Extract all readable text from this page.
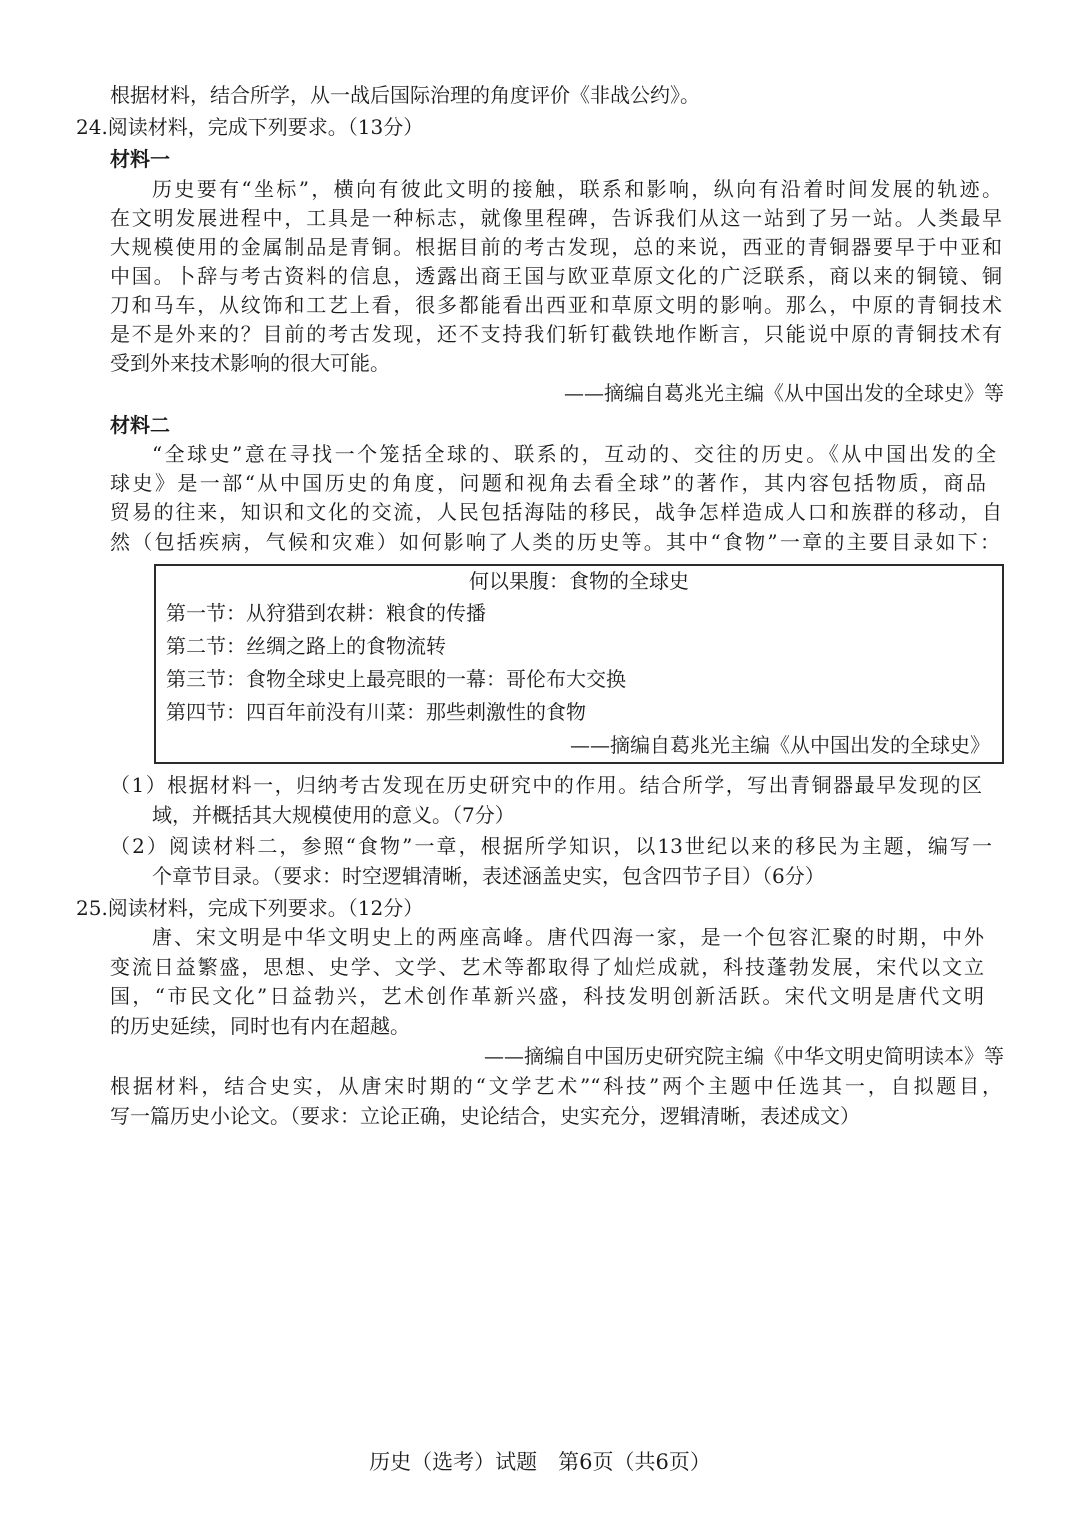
根据材料，结合所学，从一战后国际治理的角度评价《非战公约》。
24.阅读材料，完成下列要求。（13分）
材料一
历史要有“坐标”，横向有彼此文明的接触，联系和影响，纵向有沿着时间发展的轨迹。
在文明发展进程中，工具是一种标志，就像里程碑，告诉我们从这一站到了另一站。人类最早
大规模使用的金属制品是青铜。根据目前的考古发现，总的来说，西亚的青铜器要早于中亚和
中国。卜辞与考古资料的信息，透露出商王国与欧亚草原文化的广泛联系，商以来的铜镜、铜
刀和马车，从纹饰和工艺上看，很多都能看出西亚和草原文明的影响。那么，中原的青铜技术
是不是外来的？目前的考古发现，还不支持我们斩钉截铁地作断言，只能说中原的青铜技术有
受到外来技术影响的很大可能。
——摘编自葛兆光主编《从中国出发的全球史》等
材料二
“全球史”意在寻找一个笼括全球的、联系的，互动的、交往的历史。《从中国出发的全
球史》是一部“从中国历史的角度，问题和视角去看全球”的著作，其内容包括物质，商品
贸易的往来，知识和文化的交流，人民包括海陆的移民，战争怎样造成人口和族群的移动，自
然（包括疾病，气候和灾难）如何影响了人类的历史等。其中“食物”一章的主要目录如下：
何以果腹：食物的全球史
第一节：从狩猎到农耕：粮食的传播
第二节：丝绸之路上的食物流转
第三节：食物全球史上最亮眼的一幕：哥伦布大交换
第四节：四百年前没有川菜：那些刺激性的食物
——摘编自葛兆光主编《从中国出发的全球史》
（1）根据材料一，归纳考古发现在历史研究中的作用。结合所学，写出青铜器最早发现的区
域，并概括其大规模使用的意义。（7分）
（2）阅读材料二，参照“食物”一章，根据所学知识，以13世纪以来的移民为主题，编写一
个章节目录。（要求：时空逻辑清晰，表述涵盖史实，包含四节子目）（6分）
25.阅读材料，完成下列要求。（12分）
唐、宋文明是中华文明史上的两座高峰。唐代四海一家，是一个包容汇聚的时期，中外
变流日益繁盛，思想、史学、文学、艺术等都取得了灿烂成就，科技蓬勃发展，宋代以文立
国，“市民文化”日益勃兴，艺术创作革新兴盛，科技发明创新活跃。宋代文明是唐代文明
的历史延续，同时也有内在超越。
——摘编自中国历史研究院主编《中华文明史简明读本》等
根据材料，结合史实，从唐宋时期的“文学艺术”“科技”两个主题中任选其一，自拟题目，
写一篇历史小论文。（要求：立论正确，史论结合，史实充分，逻辑清晰，表述成文）
历史（选考）试题　第6页（共6页）
